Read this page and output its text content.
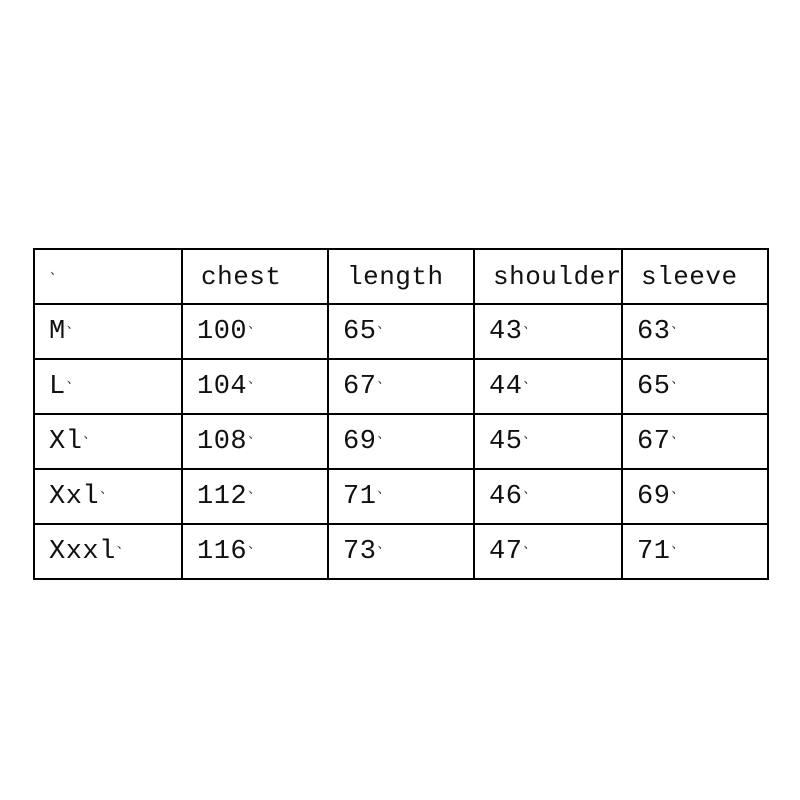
、	chest	length	shoulder	sleeve
M、	100、	65、	43、	63、
L、	104、	67、	44、	65、
Xl、	108、	69、	45、	67、
Xxl、	112、	71、	46、	69、
Xxxl、	116、	73、	47、	71、
